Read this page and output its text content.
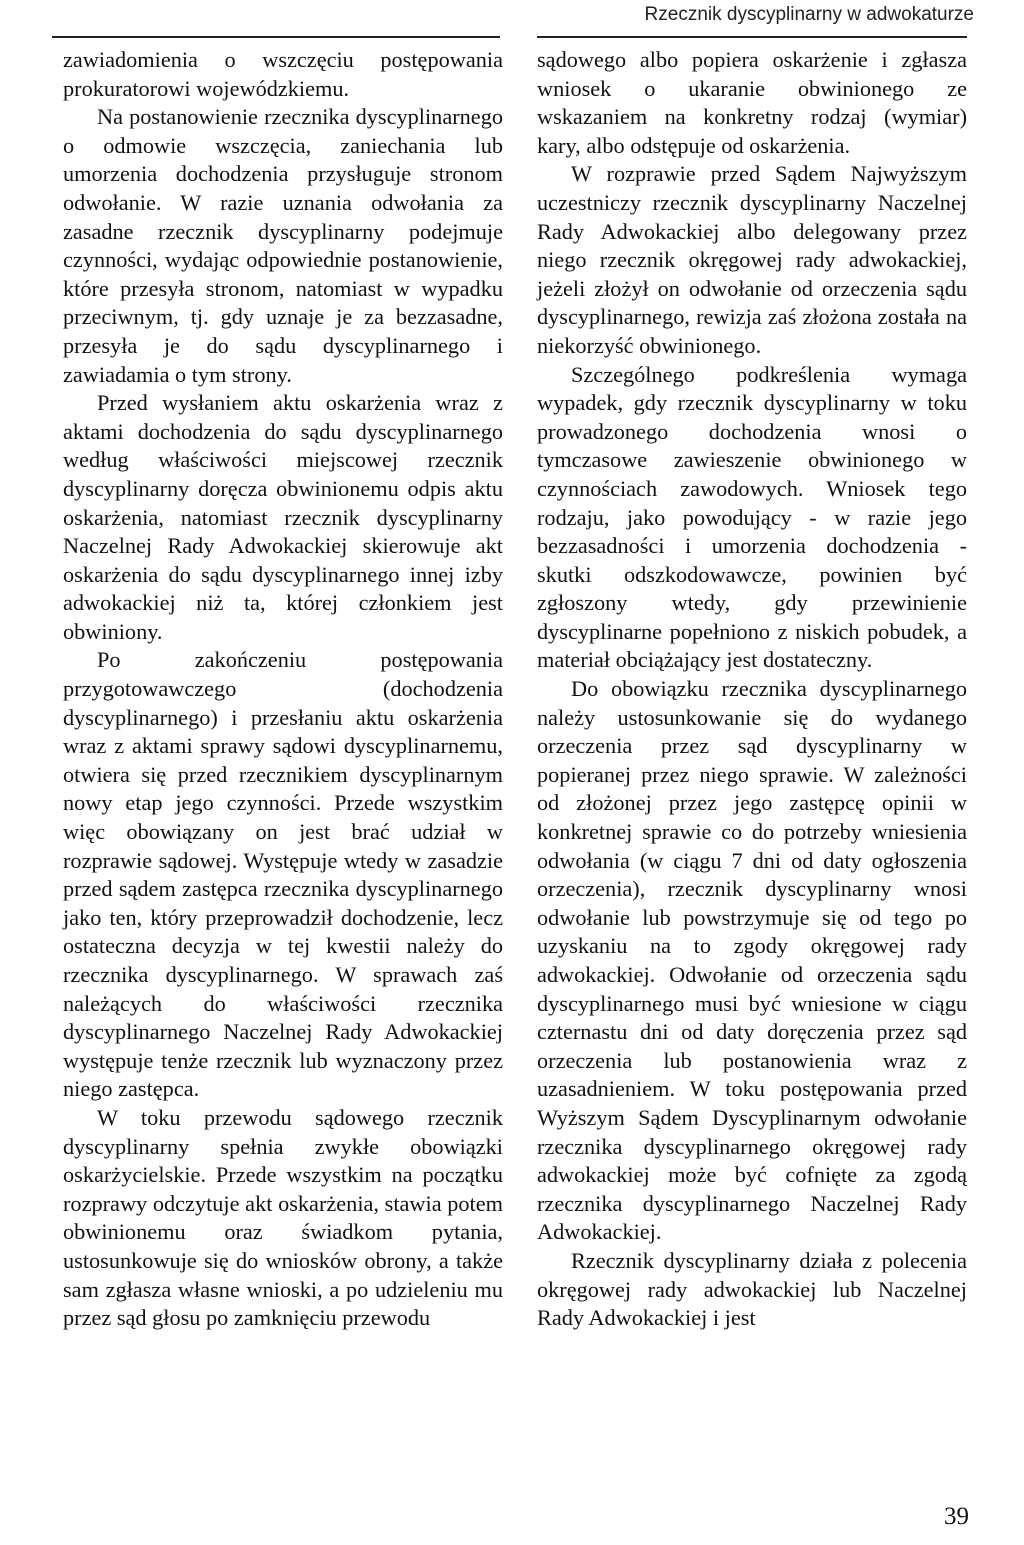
Rzecznik dyscyplinarny w adwokaturze

zawiadomienia o wszczęciu postępowania prokuratorowi wojewódzkiemu.

Na postanowienie rzecznika dyscyplinarnego o odmowie wszczęcia, zaniechania lub umorzenia dochodzenia przysługuje stronom odwołanie. W razie uznania odwołania za zasadne rzecznik dyscyplinarny podejmuje czynności, wydając odpowiednie postanowienie, które przesyła stronom, natomiast w wypadku przeciwnym, tj. gdy uznaje je za bezzasadne, przesyła je do sądu dyscyplinarnego i zawiadamia o tym strony.

Przed wysłaniem aktu oskarżenia wraz z aktami dochodzenia do sądu dyscyplinarnego według właściwości miejscowej rzecznik dyscyplinarny doręcza obwinionemu odpis aktu oskarżenia, natomiast rzecznik dyscyplinarny Naczelnej Rady Adwokackiej skierowuje akt oskarżenia do sądu dyscyplinarnego innej izby adwokackiej niż ta, której członkiem jest obwiniony.

Po zakończeniu postępowania przygotowawczego (dochodzenia dyscyplinarnego) i przesłaniu aktu oskarżenia wraz z aktami sprawy sądowi dyscyplinarnemu, otwiera się przed rzecznikiem dyscyplinarnym nowy etap jego czynności. Przede wszystkim więc obowiązany on jest brać udział w rozprawie sądowej. Występuje wtedy w zasadzie przed sądem zastępca rzecznika dyscyplinarnego jako ten, który przeprowadził dochodzenie, lecz ostateczna decyzja w tej kwestii należy do rzecznika dyscyplinarnego. W sprawach zaś należących do właściwości rzecznika dyscyplinarnego Naczelnej Rady Adwokackiej występuje tenże rzecznik lub wyznaczony przez niego zastępca.

W toku przewodu sądowego rzecznik dyscyplinarny spełnia zwykłe obowiązki oskarżycielskie. Przede wszystkim na początku rozprawy odczytuje akt oskarżenia, stawia potem obwinionemu oraz świadkom pytania, ustosunkowuje się do wniosków obrony, a także sam zgłasza własne wnioski, a po udzieleniu mu przez sąd głosu po zamknięciu przewodu

sądowego albo popiera oskarżenie i zgłasza wniosek o ukaranie obwinionego ze wskazaniem na konkretny rodzaj (wymiar) kary, albo odstępuje od oskarżenia.

W rozprawie przed Sądem Najwyższym uczestniczy rzecznik dyscyplinarny Naczelnej Rady Adwokackiej albo delegowany przez niego rzecznik okręgowej rady adwokackiej, jeżeli złożył on odwołanie od orzeczenia sądu dyscyplinarnego, rewizja zaś złożona została na niekorzyść obwinionego.

Szczególnego podkreślenia wymaga wypadek, gdy rzecznik dyscyplinarny w toku prowadzonego dochodzenia wnosi o tymczasowe zawieszenie obwinionego w czynnościach zawodowych. Wniosek tego rodzaju, jako powodujący - w razie jego bezzasadności i umorzenia dochodzenia - skutki odszkodowawcze, powinien być zgłoszony wtedy, gdy przewinienie dyscyplinarne popełniono z niskich pobudek, a materiał obciążający jest dostateczny.

Do obowiązku rzecznika dyscyplinarnego należy ustosunkowanie się do wydanego orzeczenia przez sąd dyscyplinarny w popieranej przez niego sprawie. W zależności od złożonej przez jego zastępcę opinii w konkretnej sprawie co do potrzeby wniesienia odwołania (w ciągu 7 dni od daty ogłoszenia orzeczenia), rzecznik dyscyplinarny wnosi odwołanie lub powstrzymuje się od tego po uzyskaniu na to zgody okręgowej rady adwokackiej. Odwołanie od orzeczenia sądu dyscyplinarnego musi być wniesione w ciągu czternastu dni od daty doręczenia przez sąd orzeczenia lub postanowienia wraz z uzasadnieniem. W toku postępowania przed Wyższym Sądem Dyscyplinarnym odwołanie rzecznika dyscyplinarnego okręgowej rady adwokackiej może być cofnięte za zgodą rzecznika dyscyplinarnego Naczelnej Rady Adwokackiej.

Rzecznik dyscyplinarny działa z polecenia okręgowej rady adwokackiej lub Naczelnej Rady Adwokackiej i jest

39
